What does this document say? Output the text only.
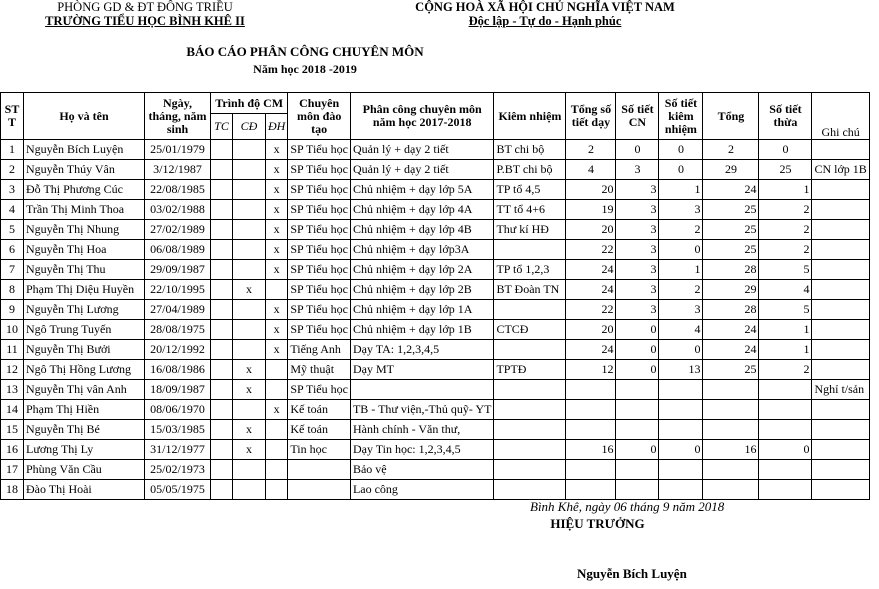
PHÒNG GD & ĐT ĐÔNG TRIỀU
TRƯỜNG TIỂU HỌC BÌNH KHÊ II
CỘNG HOÀ XÃ HỘI CHỦ NGHĨA VIỆT NAM
Độc lập - Tự do - Hạnh phúc
BÁO CÁO PHÂN CÔNG CHUYÊN MÔN
Năm học 2018 -2019
ST T	Họ và tên	Ngày, tháng, năm sinh	Trình độ CM			Chuyên môn đào tạo	Phân công chuyên môn năm học 2017-2018	Kiêm nhiệm	Tổng số tiết dạy	Số tiết CN	Số tiết kiêm nhiệm	Tổng	Số tiết thừa	Ghi chú
			TC	CĐ	ĐH									
1	Nguyễn Bích Luyện	25/01/1979			x	SP Tiểu học	Quản lý + dạy 2 tiết	BT chi bộ	2	0	0	2	0	
2	Nguyễn Thúy Vân	3/12/1987			x	SP Tiểu học	Quản lý + dạy 2 tiết	P.BT chi bộ	4	3	0	29	25	CN lớp 1B
3	Đỗ Thị Phương Cúc	22/08/1985			x	SP Tiểu học	Chủ nhiệm + dạy lớp 5A	TP tổ 4,5	20	3	1	24	1	
4	Trần Thị Minh Thoa	03/02/1988			x	SP Tiểu học	Chủ nhiệm + dạy lớp 4A	TT tổ 4+6	19	3	3	25	2	
5	Nguyễn Thị Nhung	27/02/1989			x	SP Tiểu học	Chủ nhiệm + dạy lớp 4B	Thư kí HĐ	20	3	2	25	2	
6	Nguyễn Thị Hoa	06/08/1989			x	SP Tiểu học	Chủ nhiệm + dạy lớp3A		22	3	0	25	2	
7	Nguyễn Thị Thu	29/09/1987			x	SP Tiểu học	Chủ nhiệm + dạy lớp 2A	TP tổ 1,2,3	24	3	1	28	5	
8	Phạm Thị Diệu Huyền	22/10/1995		x		SP Tiểu học	Chủ nhiệm + dạy lớp 2B	BT Đoàn TN	24	3	2	29	4	
9	Nguyễn Thị Lương	27/04/1989			x	SP Tiểu học	Chủ nhiệm + dạy lớp 1A		22	3	3	28	5	
10	Ngô Trung Tuyến	28/08/1975			x	SP Tiểu học	Chủ nhiệm + dạy lớp 1B	CTCĐ	20	0	4	24	1	
11	Nguyễn Thị Bưởi	20/12/1992			x	Tiếng Anh	Dạy TA: 1,2,3,4,5		24	0	0	24	1	
12	Ngô Thị Hồng Lương	16/08/1986		x		Mỹ thuật	Dạy MT	TPTĐ	12	0	13	25	2	
13	Nguyễn Thị vân Anh	18/09/1987		x		SP Tiểu học								Nghỉ t/sản
14	Phạm Thị Hiền	08/06/1970			x	Kế toán	TB - Thư viện,-Thủ quỹ- YT							
15	Nguyễn Thị Bé	15/03/1985		x		Kế toán	Hành chính - Văn thư,							
16	Lương Thị Ly	31/12/1977		x		Tin học	Dạy Tin học: 1,2,3,4,5		16	0	0	16	0	
17	Phùng Văn Cầu	25/02/1973					Bảo vệ							
18	Đào Thị Hoài	05/05/1975					Lao công							
Bình Khê, ngày 06 tháng 9 năm 2018
HIỆU TRƯỞNG
Nguyễn Bích Luyện
